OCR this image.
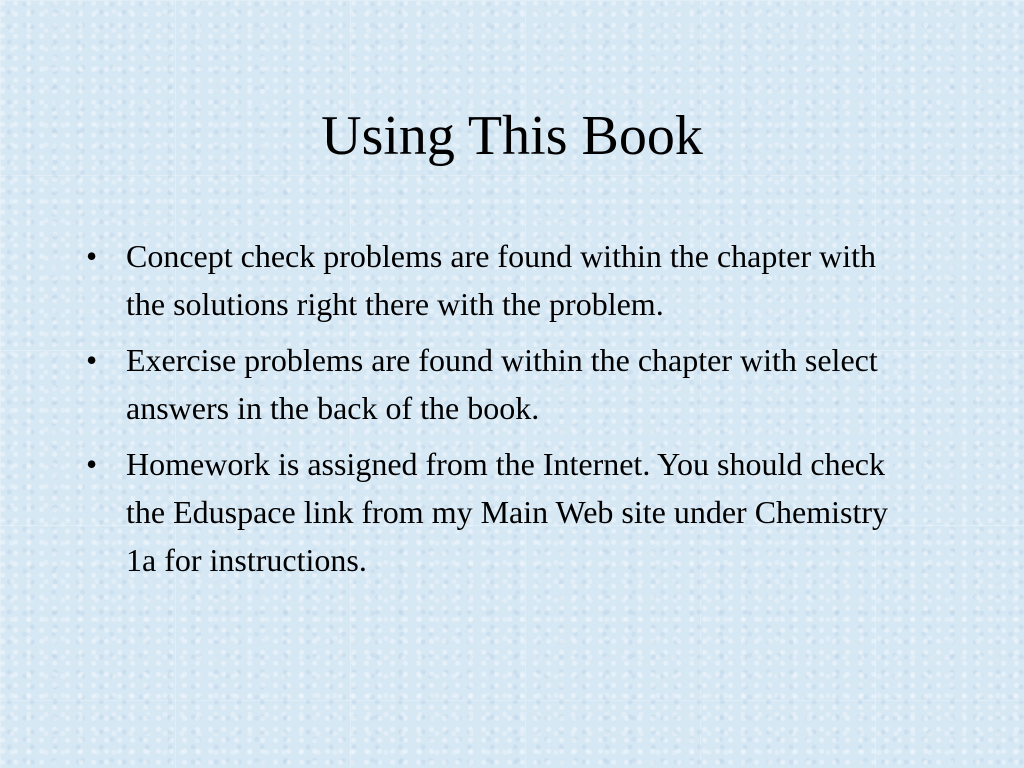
Using This Book
• Concept check problems are found within the chapter with the solutions right there with the problem.
• Exercise problems are found within the chapter with select answers in the back of the book.
• Homework is assigned from the Internet. You should check the Eduspace link from my Main Web site under Chemistry 1a for instructions.
